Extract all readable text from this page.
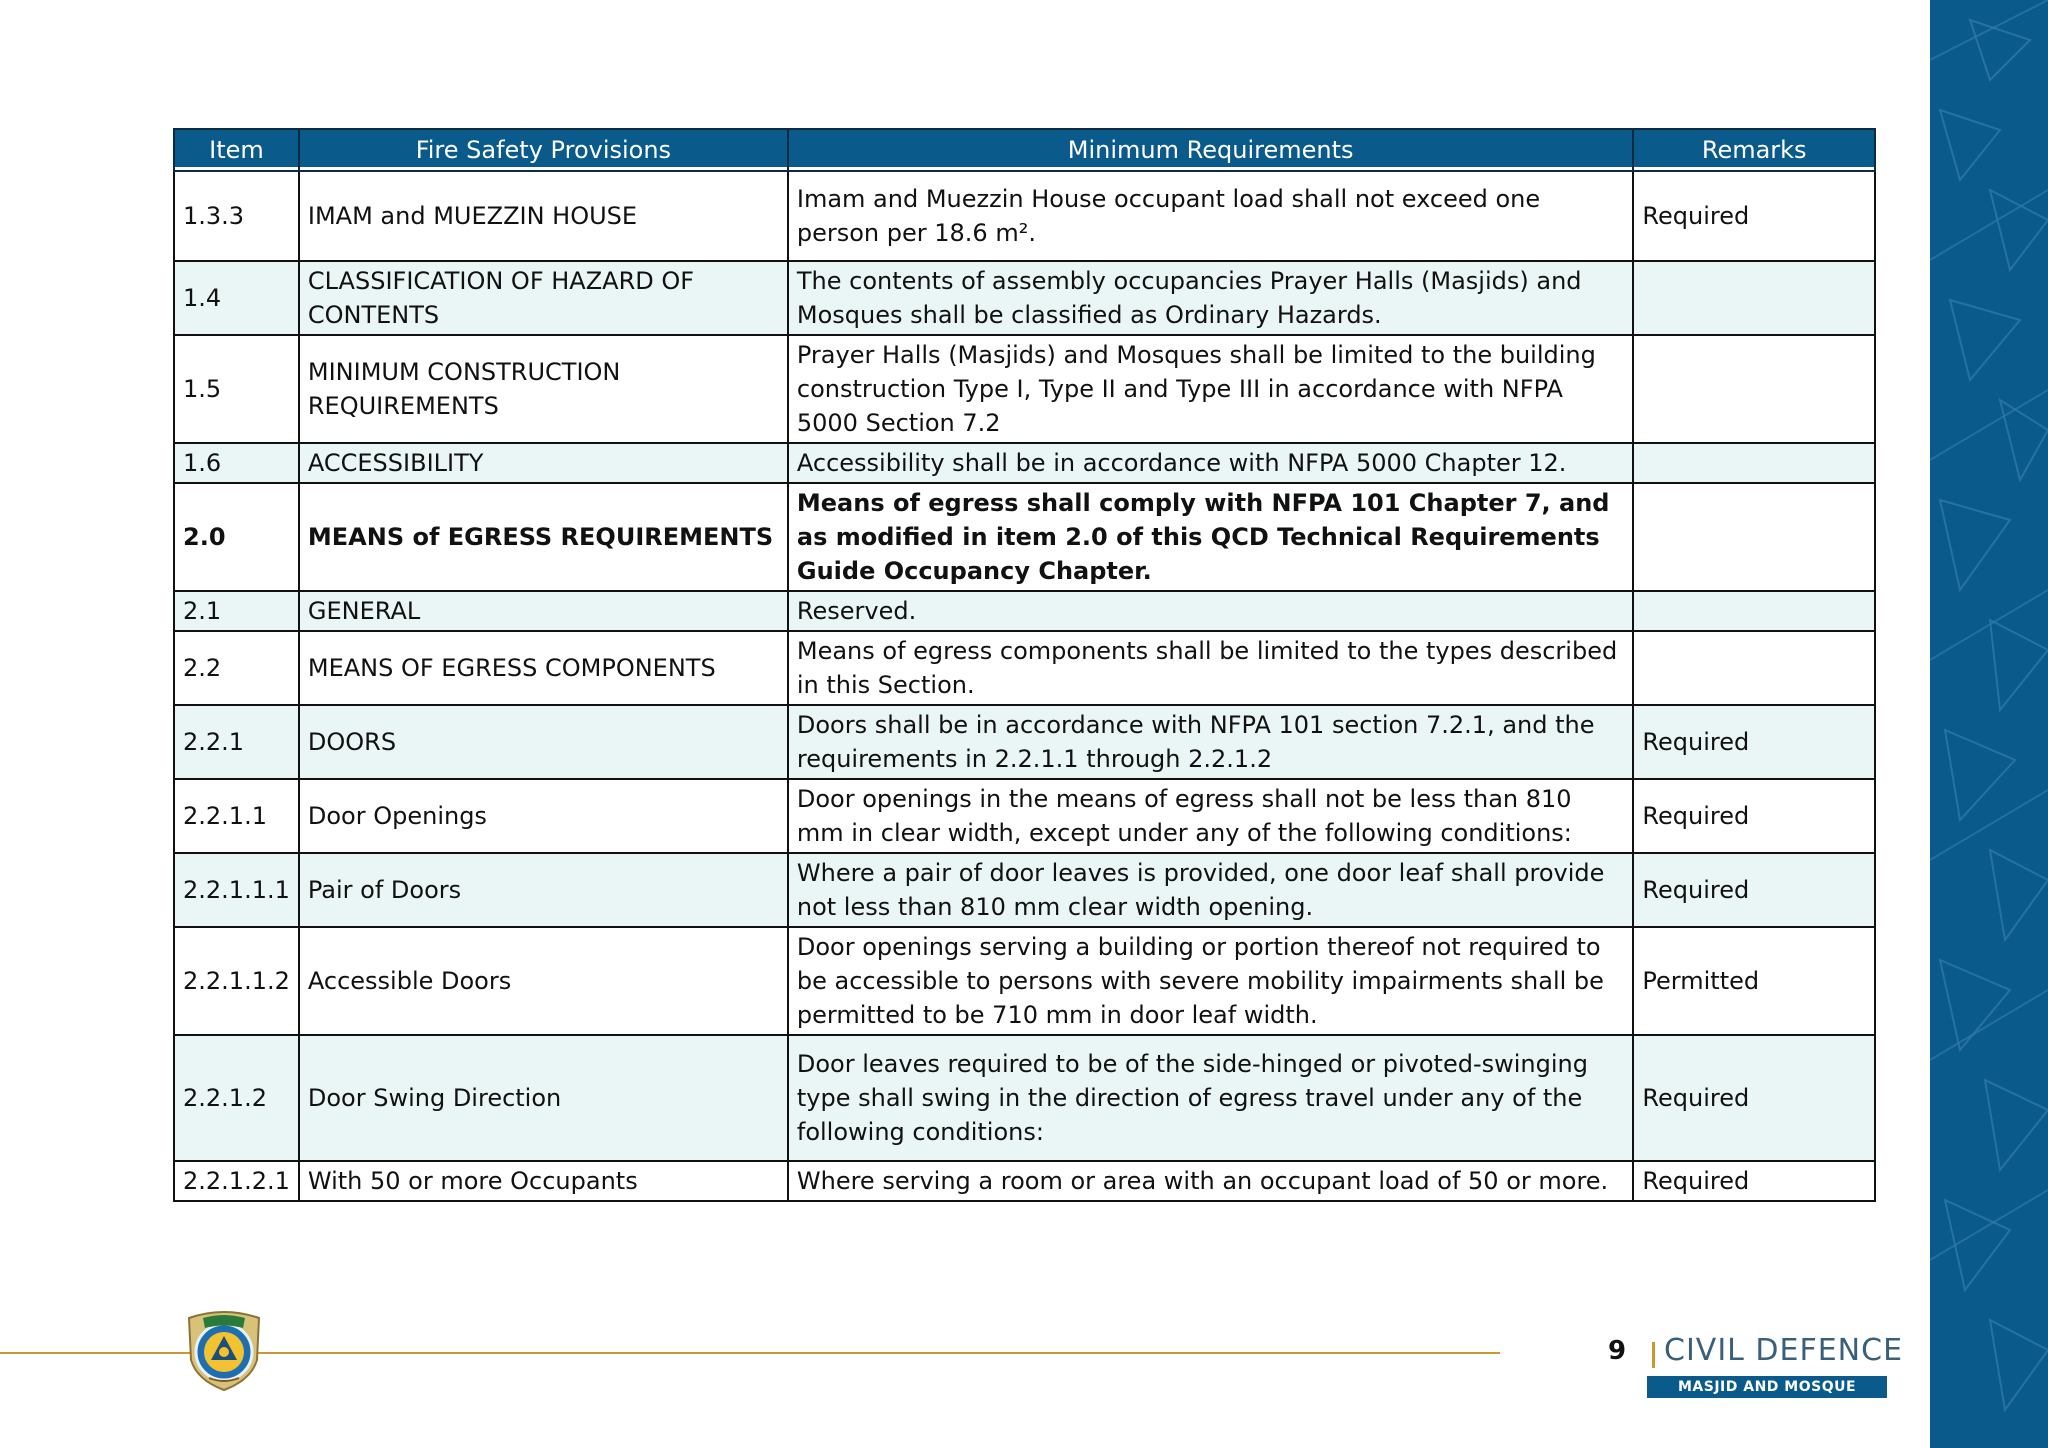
Item	Fire Safety Provisions	Minimum Requirements	Remarks
1.3.3	IMAM and MUEZZIN HOUSE	Imam and Muezzin House occupant load shall not exceed one person per 18.6 m².	Required
1.4	CLASSIFICATION OF HAZARD OF CONTENTS	The contents of assembly occupancies Prayer Halls (Masjids) and Mosques shall be classified as Ordinary Hazards.	
1.5	MINIMUM CONSTRUCTION REQUIREMENTS	Prayer Halls (Masjids) and Mosques shall be limited to the building construction Type I, Type II and Type III in accordance with NFPA 5000 Section 7.2	
1.6	ACCESSIBILITY	Accessibility shall be in accordance with NFPA 5000 Chapter 12.	
2.0	MEANS of EGRESS REQUIREMENTS	Means of egress shall comply with NFPA 101 Chapter 7, and as modified in item 2.0 of this QCD Technical Requirements Guide Occupancy Chapter.	
2.1	GENERAL	Reserved.	
2.2	MEANS OF EGRESS COMPONENTS	Means of egress components shall be limited to the types described in this Section.	
2.2.1	DOORS	Doors shall be in accordance with NFPA 101 section 7.2.1, and the requirements in 2.2.1.1 through 2.2.1.2	Required
2.2.1.1	Door Openings	Door openings in the means of egress shall not be less than 810 mm in clear width, except under any of the following conditions:	Required
2.2.1.1.1	Pair of Doors	Where a pair of door leaves is provided, one door leaf shall provide not less than 810 mm clear width opening.	Required
2.2.1.1.2	Accessible Doors	Door openings serving a building or portion thereof not required to be accessible to persons with severe mobility impairments shall be permitted to be 710 mm in door leaf width.	Permitted
2.2.1.2	Door Swing Direction	Door leaves required to be of the side-hinged or pivoted-swinging type shall swing in the direction of egress travel under any of the following conditions:	Required
2.2.1.2.1	With 50 or more Occupants	Where serving a room or area with an occupant load of 50 or more.	Required
9 CIVIL DEFENCE
MASJID AND MOSQUE
